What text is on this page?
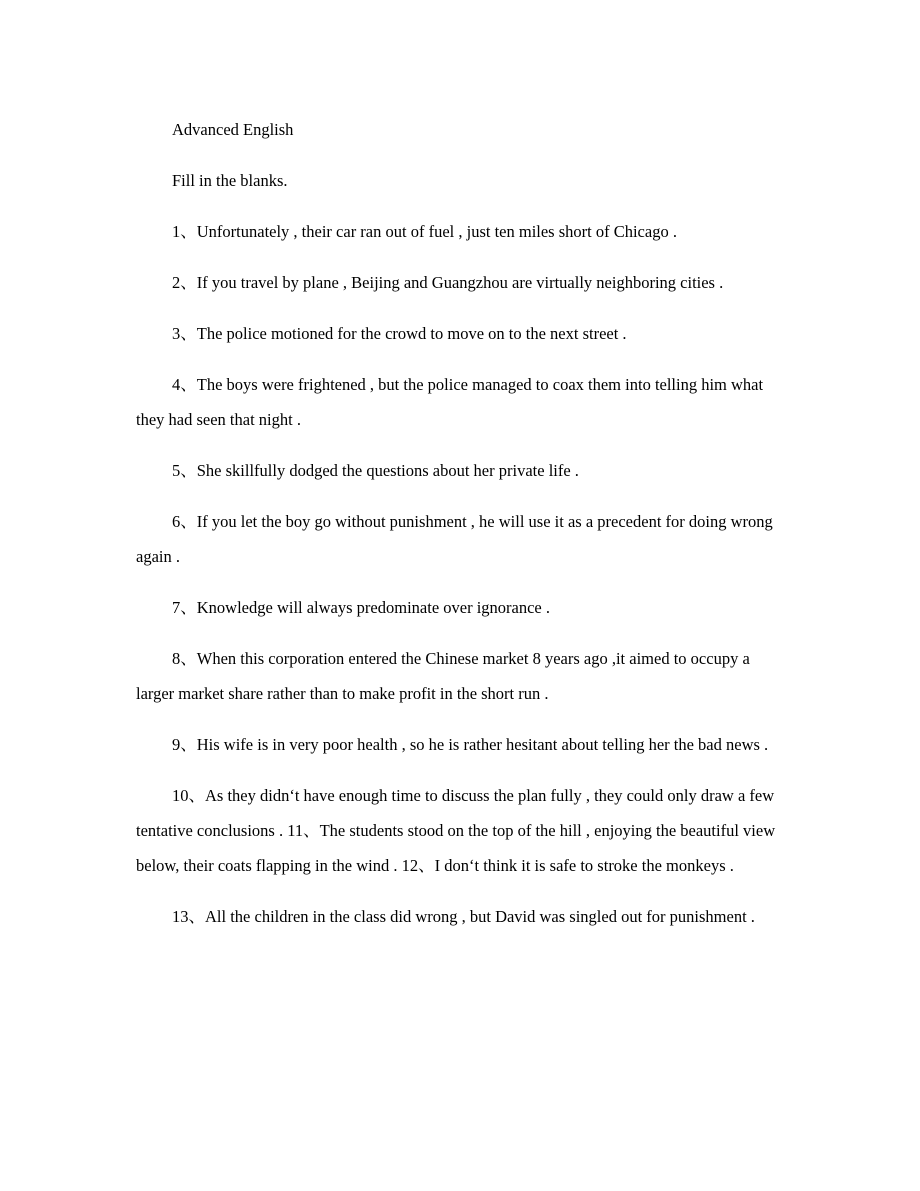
Advanced English

Fill in the blanks.

1、Unfortunately , their car ran out of fuel , just ten miles short of Chicago .

2、If you travel by plane , Beijing and Guangzhou are virtually neighboring cities .

3、The police motioned for the crowd to move on to the next street .

4、The boys were frightened , but the police managed to coax them into telling him what they had seen that night .

5、She skillfully dodged the questions about her private life .

6、If you let the boy go without punishment , he will use it as a precedent for doing wrong again .

7、Knowledge will always predominate over ignorance .

8、When this corporation entered the Chinese market 8 years ago ,it aimed to occupy a larger market share rather than to make profit in the short run .

9、His wife is in very poor health , so he is rather hesitant about telling her the bad news .

10、As they didn‘t have enough time to discuss the plan fully , they could only draw a few tentative conclusions . 11、The students stood on the top of the hill , enjoying the beautiful view below, their coats flapping in the wind . 12、I don‘t think it is safe to stroke the monkeys .

13、All the children in the class did wrong , but David was singled out for punishment .
